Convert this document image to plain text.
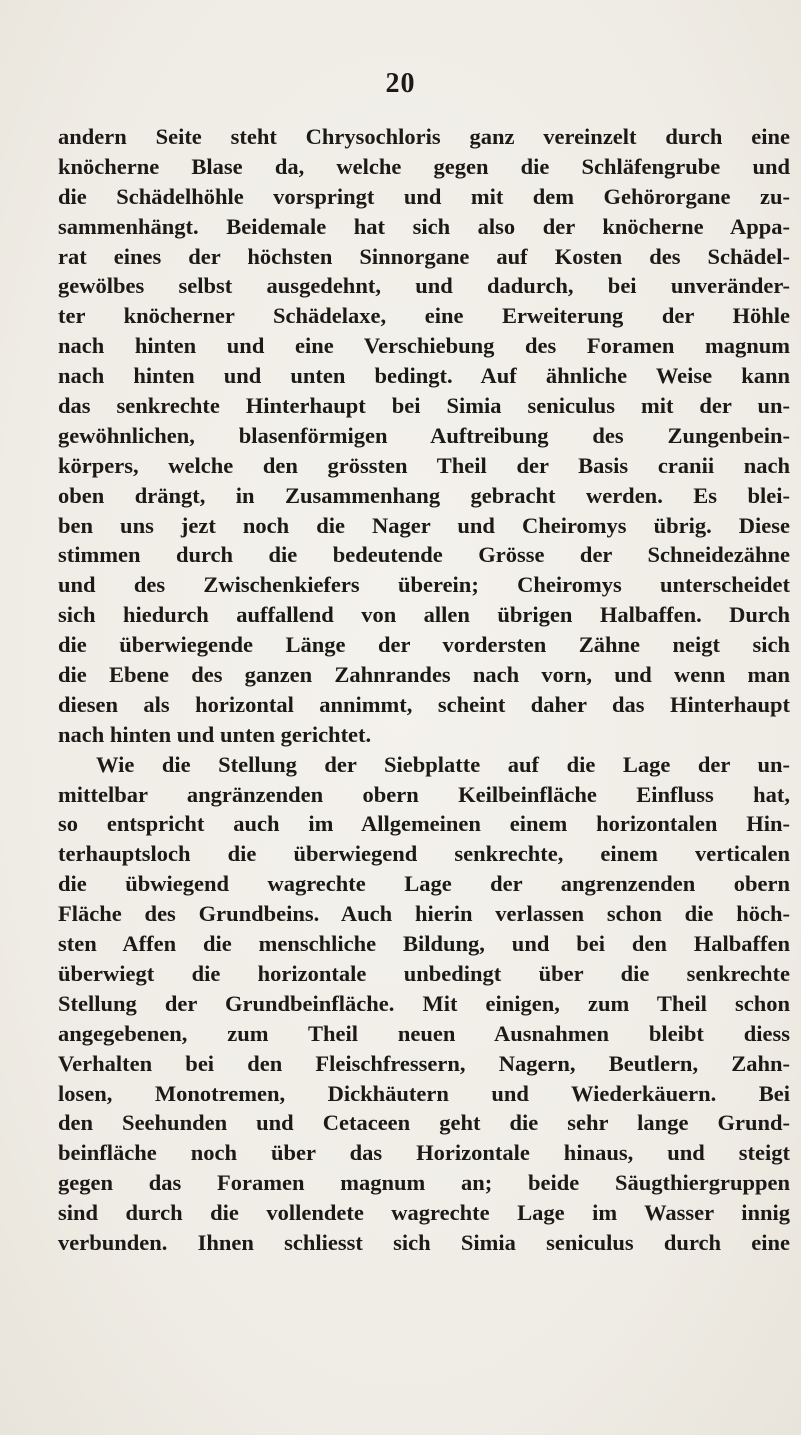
20
andern Seite steht Chrysochloris ganz vereinzelt durch eine
knöcherne Blase da, welche gegen die Schläfengrube und
die Schädelhöhle vorspringt und mit dem Gehörorgane zu-
sammenhängt. Beidemale hat sich also der knöcherne Appa-
rat eines der höchsten Sinnorgane auf Kosten des Schädel-
gewölbes selbst ausgedehnt, und dadurch, bei unveränder-
ter knöcherner Schädelaxe, eine Erweiterung der Höhle
nach hinten und eine Verschiebung des Foramen magnum
nach hinten und unten bedingt. Auf ähnliche Weise kann
das senkrechte Hinterhaupt bei Simia seniculus mit der un-
gewöhnlichen, blasenförmigen Auftreibung des Zungenbein-
körpers, welche den grössten Theil der Basis cranii nach
oben drängt, in Zusammenhang gebracht werden. Es blei-
ben uns jezt noch die Nager und Cheiromys übrig. Diese
stimmen durch die bedeutende Grösse der Schneidezähne
und des Zwischenkiefers überein; Cheiromys unterscheidet
sich hiedurch auffallend von allen übrigen Halbaffen. Durch
die überwiegende Länge der vordersten Zähne neigt sich
die Ebene des ganzen Zahnrandes nach vorn, und wenn man
diesen als horizontal annimmt, scheint daher das Hinterhaupt
nach hinten und unten gerichtet.
Wie die Stellung der Siebplatte auf die Lage der un-
mittelbar angränzenden obern Keilbeinfläche Einfluss hat,
so entspricht auch im Allgemeinen einem horizontalen Hin-
terhauptsloch die überwiegend senkrechte, einem verticalen
die übwiegend wagrechte Lage der angrenzenden obern
Fläche des Grundbeins. Auch hierin verlassen schon die höch-
sten Affen die menschliche Bildung, und bei den Halbaffen
überwiegt die horizontale unbedingt über die senkrechte
Stellung der Grundbeinfläche. Mit einigen, zum Theil schon
angegebenen, zum Theil neuen Ausnahmen bleibt diess
Verhalten bei den Fleischfressern, Nagern, Beutlern, Zahn-
losen, Monotremen, Dickhäutern und Wiederkäuern. Bei
den Seehunden und Cetaceen geht die sehr lange Grund-
beinfläche noch über das Horizontale hinaus, und steigt
gegen das Foramen magnum an; beide Säugthiergruppen
sind durch die vollendete wagrechte Lage im Wasser innig
verbunden. Ihnen schliesst sich Simia seniculus durch eine
